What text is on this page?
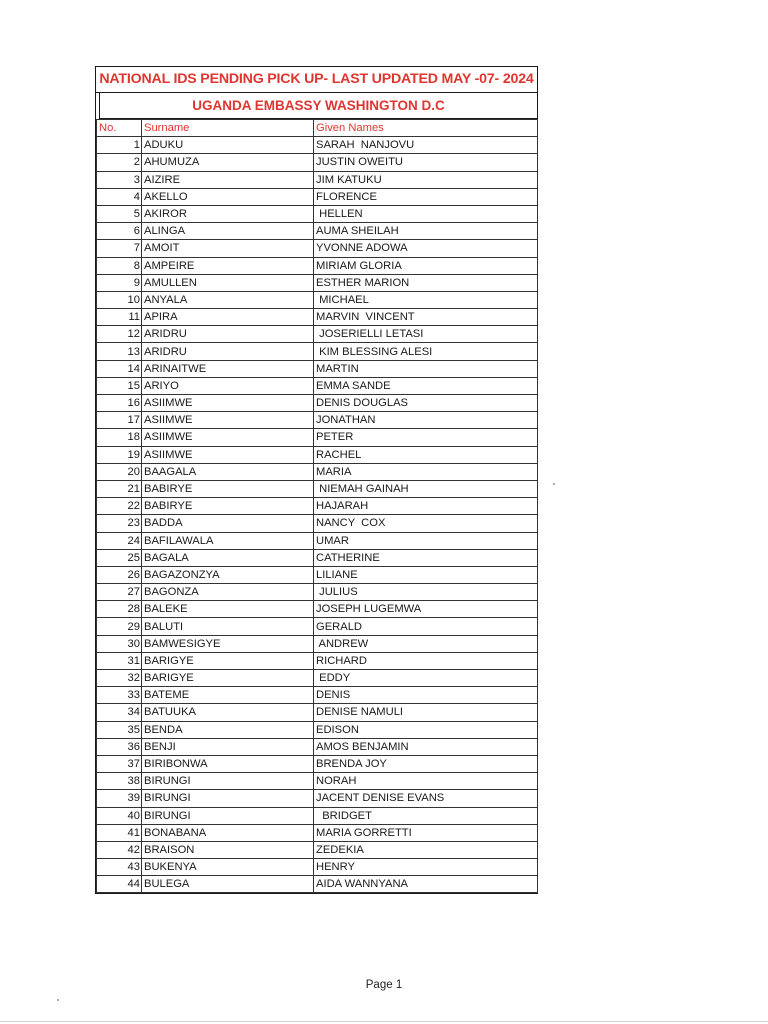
NATIONAL IDS PENDING PICK UP- LAST UPDATED MAY -07- 2024
UGANDA EMBASSY WASHINGTON D.C
No.	Surname	Given Names
1	ADUKU	SARAH  NANJOVU
2	AHUMUZA	JUSTIN OWEITU
3	AIZIRE	JIM KATUKU
4	AKELLO	FLORENCE
5	AKIROR	HELLEN
6	ALINGA	AUMA SHEILAH
7	AMOIT	YVONNE ADOWA
8	AMPEIRE	MIRIAM GLORIA
9	AMULLEN	ESTHER MARION
10	ANYALA	MICHAEL
11	APIRA	MARVIN  VINCENT
12	ARIDRU	JOSERIELLI LETASI
13	ARIDRU	KIM BLESSING ALESI
14	ARINAITWE	MARTIN
15	ARIYO	EMMA SANDE
16	ASIIMWE	DENIS DOUGLAS
17	ASIIMWE	JONATHAN
18	ASIIMWE	PETER
19	ASIIMWE	RACHEL
20	BAAGALA	MARIA
21	BABIRYE	NIEMAH GAINAH
22	BABIRYE	HAJARAH
23	BADDA	NANCY  COX
24	BAFILAWALA	UMAR
25	BAGALA	CATHERINE
26	BAGAZONZYA	LILIANE
27	BAGONZA	JULIUS
28	BALEKE	JOSEPH LUGEMWA
29	BALUTI	GERALD
30	BAMWESIGYE	ANDREW
31	BARIGYE	RICHARD
32	BARIGYE	EDDY
33	BATEME	DENIS
34	BATUUKA	DENISE NAMULI
35	BENDA	EDISON
36	BENJI	AMOS BENJAMIN
37	BIRIBONWA	BRENDA JOY
38	BIRUNGI	NORAH
39	BIRUNGI	JACENT DENISE EVANS
40	BIRUNGI	BRIDGET
41	BONABANA	MARIA GORRETTI
42	BRAISON	ZEDEKIA
43	BUKENYA	HENRY
44	BULEGA	AIDA WANNYANA
Page 1
